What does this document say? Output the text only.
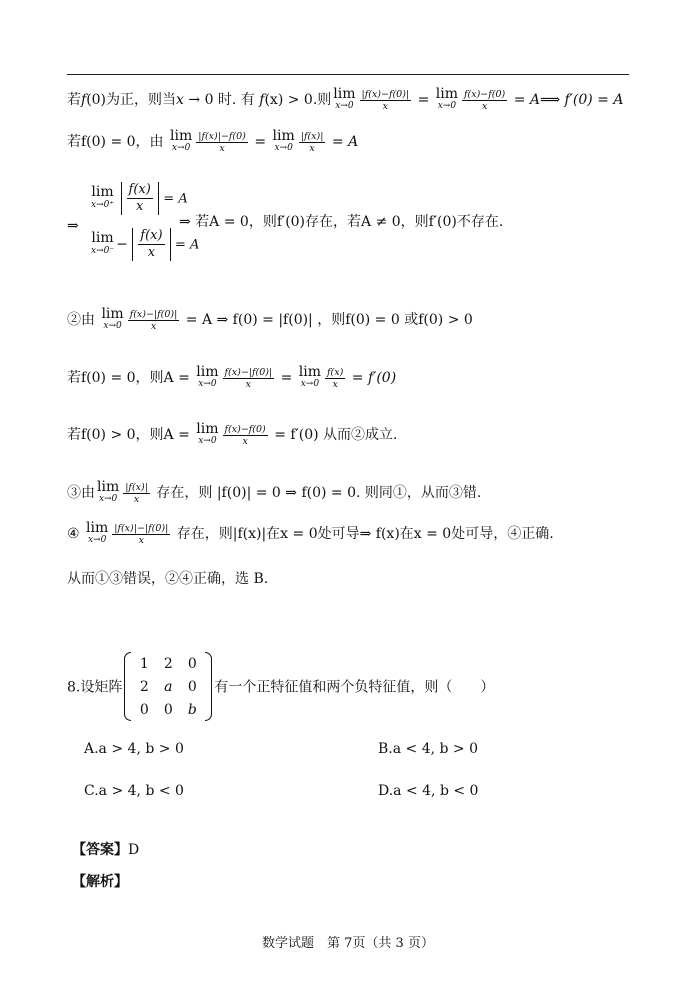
若f(0)为正，则当x → 0 时. 有 f(x) > 0.则 lim
$x\to 0 \frac{|f(x)-f(0)|}{x} = \lim$
$x\to 0 \frac{f(x)-f(0)}{x}$ = A⟹ f′(0) = A
若f(0) = 0，由 lim
$x\to 0 \frac{|f(x)|-f(0)}{x} = \lim$
$x\to 0 \frac{|f(x)|}{x} = A$
⇒
lim
x→0⁺
$\frac{f(x)}{x} = A$
lim
$x\to 0^- - \frac{f(x)}{x} = A$
⇒ 若A = 0，则f′(0)存在，若A ≠ 0，则f′(0)不存在.
②由 lim
$x\to 0 \frac{f(x)-|f(0)|}{x} = A$ ⇒ f(0) = |f(0)| ，则f(0) = 0 或f(0) > 0
若f(0) = 0，则A = lim
$x\to 0 \frac{f(x)-|f(0)|}{x} = \lim$
$x\to 0 \frac{f(x)}{x} = f'(0)$
若f(0) > 0，则A = lim
$x\to 0 \frac{f(x)-f(0)}{x} = f'(0)$ 从而②成立.
③由 lim
$x\to 0 \frac{|f(x)|}{x}$ 存在，则 |f(0)| = 0 ⇒ f(0) = 0. 则同①，从而③错.
④ lim
$x\to 0 \frac{|f(x)|-|f(0)|}{x}$ 存在，则|f(x)|在x = 0处可导⇒ f(x)在x = 0处可导，④正确.
从而①③错误，②④正确，选 B.
8.设矩阵
1	2	0
2	a	0
0	0	b
有一个正特征值和两个负特征值，则（　　）
A.a > 4, b > 0	B.a < 4, b > 0
C.a > 4, b < 0	D.a < 4, b < 0
【答案】D
【解析】
数学试题　第 7页（共 3 页）
